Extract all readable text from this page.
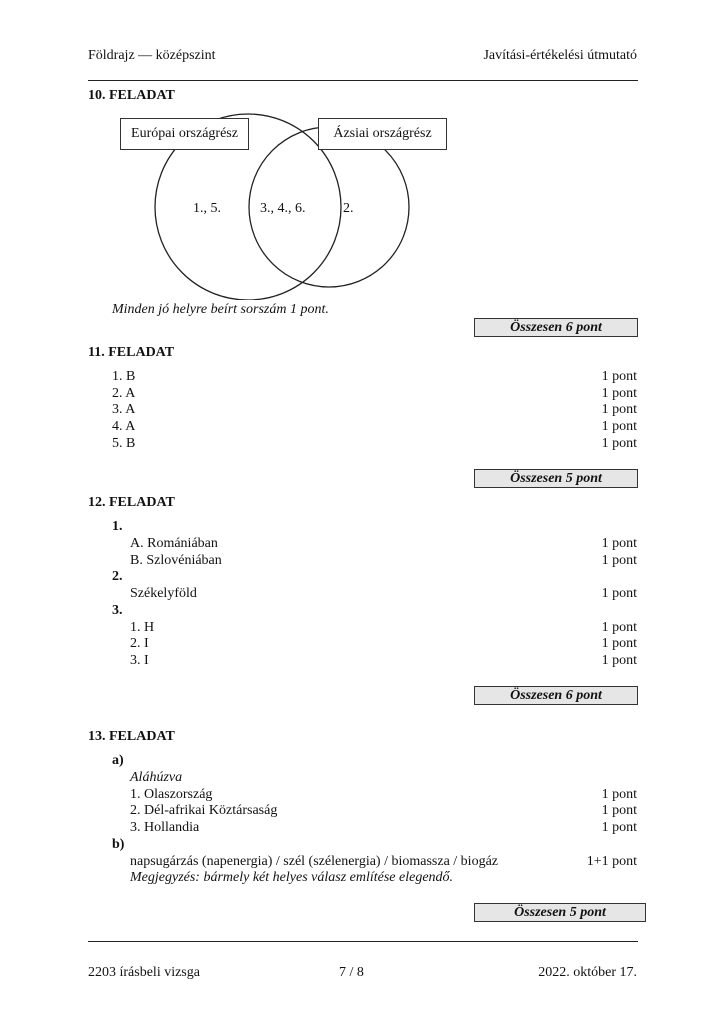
Földrajz — középszint	Javítási-értékelési útmutató
10. FELADAT
Európai országrész	Ázsiai országrész
1., 5.	3., 4., 6.	2.
Minden jó helyre beírt sorszám 1 pont.
Összesen 6 pont
11. FELADAT
1. B	1 pont
2. A	1 pont
3. A	1 pont
4. A	1 pont
5. B	1 pont
Összesen 5 pont
12. FELADAT
1.
A. Romániában	1 pont
B. Szlovéniában	1 pont
2.
Székelyföld	1 pont
3.
1. H	1 pont
2. I	1 pont
3. I	1 pont
Összesen 6 pont
13. FELADAT
a)
Aláhúzva
1. Olaszország	1 pont
2. Dél-afrikai Köztársaság	1 pont
3. Hollandia	1 pont
b)
napsugárzás (napenergia) / szél (szélenergia) / biomassza / biogáz	1+1 pont
Megjegyzés: bármely két helyes válasz említése elegendő.
Összesen 5 pont
2203 írásbeli vizsga	7 / 8	2022. október 17.
